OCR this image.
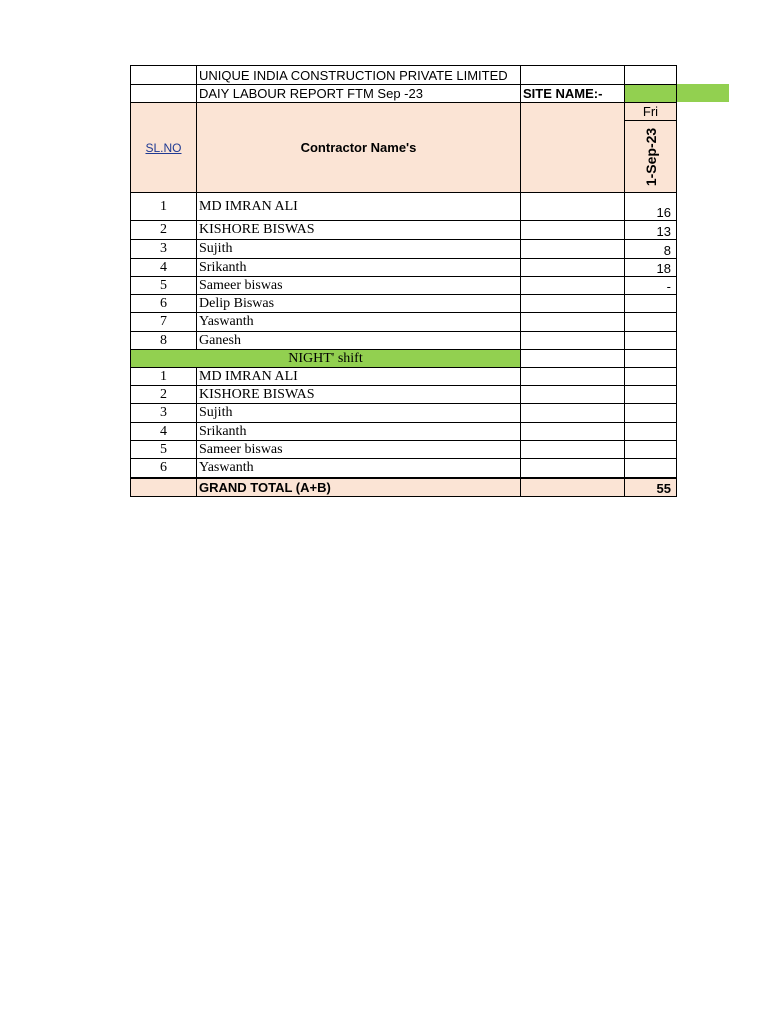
UNIQUE INDIA CONSTRUCTION PRIVATE LIMITED
DAIY LABOUR REPORT FTM Sep -23	SITE NAME:-
SL.NO	Contractor Name's
Fri
1-Sep-23
1	MD IMRAN ALI	16
2	KISHORE BISWAS	13
3	Sujith	8
4	Srikanth	18
5	Sameer biswas	-
6	Delip Biswas
7	Yaswanth
8	Ganesh
NIGHT' shift
1	MD IMRAN ALI
2	KISHORE BISWAS
3	Sujith
4	Srikanth
5	Sameer biswas
6	Yaswanth
GRAND TOTAL (A+B)	55
